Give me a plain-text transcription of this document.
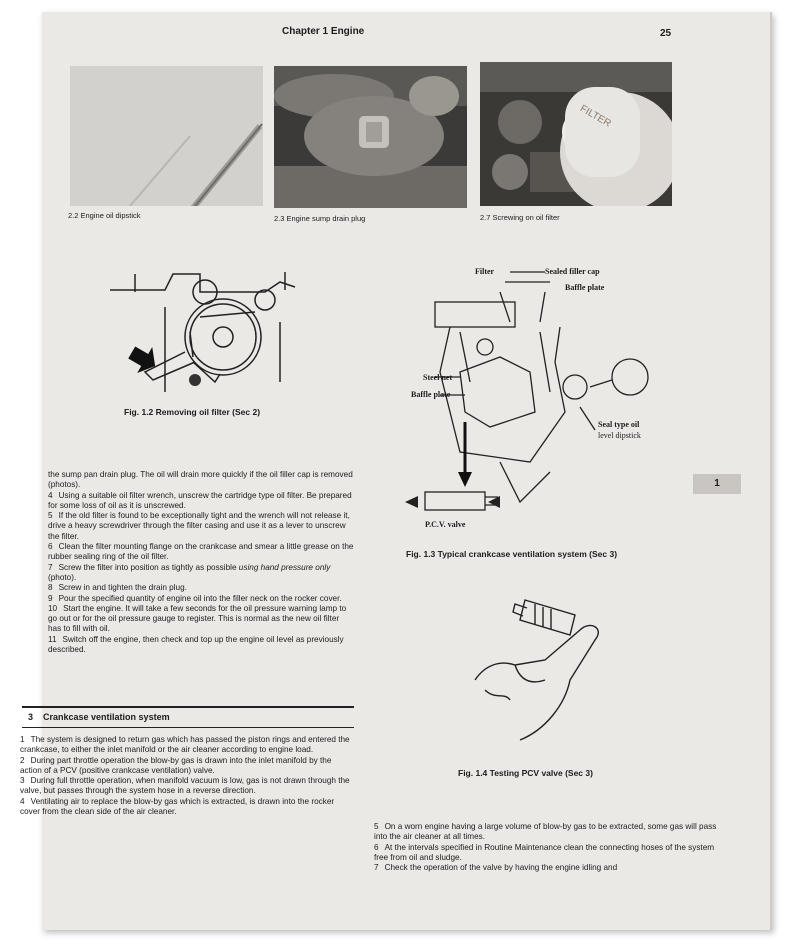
Chapter 1 Engine	25
2.2 Engine oil dipstick	2.3 Engine sump drain plug
FILTER
2.7 Screwing on oil filter
Fig. 1.2 Removing oil filter (Sec 2)
Filter	Sealed filler cap
Baffle plate
Steel net
Baffle plate
Seal type oil
level dipstick
P.C.V. valve
Fig. 1.3 Typical crankcase ventilation system (Sec 3)
1
Fig. 1.4 Testing PCV valve (Sec 3)

the sump pan drain plug. The oil will drain more quickly if the oil filler cap is removed (photos).

4 Using a suitable oil filter wrench, unscrew the cartridge type oil filter. Be prepared for some loss of oil as it is unscrewed.

5 If the old filter is found to be exceptionally tight and the wrench will not release it, drive a heavy screwdriver through the filter casing and use it as a lever to unscrew the filter.

6 Clean the filter mounting flange on the crankcase and smear a little grease on the rubber sealing ring of the oil filter.

7 Screw the filter into position as tightly as possible using hand pressure only (photo).

8 Screw in and tighten the drain plug.

9 Pour the specified quantity of engine oil into the filler neck on the rocker cover.

10 Start the engine. It will take a few seconds for the oil pressure warning lamp to go out or for the oil pressure gauge to register. This is normal as the new oil filter has to fill with oil.

11 Switch off the engine, then check and top up the engine oil level as previously described.

3 Crankcase ventilation system

1 The system is designed to return gas which has passed the piston rings and entered the crankcase, to either the inlet manifold or the air cleaner according to engine load.

2 During part throttle operation the blow-by gas is drawn into the inlet manifold by the action of a PCV (positive crankcase ventilation) valve.

3 During full throttle operation, when manifold vacuum is low, gas is not drawn through the valve, but passes through the system hose in a reverse direction.

4 Ventilating air to replace the blow-by gas which is extracted, is drawn into the rocker cover from the clean side of the air cleaner.

5 On a worn engine having a large volume of blow-by gas to be extracted, some gas will pass into the air cleaner at all times.

6 At the intervals specified in Routine Maintenance clean the connecting hoses of the system free from oil and sludge.

7 Check the operation of the valve by having the engine idling and
